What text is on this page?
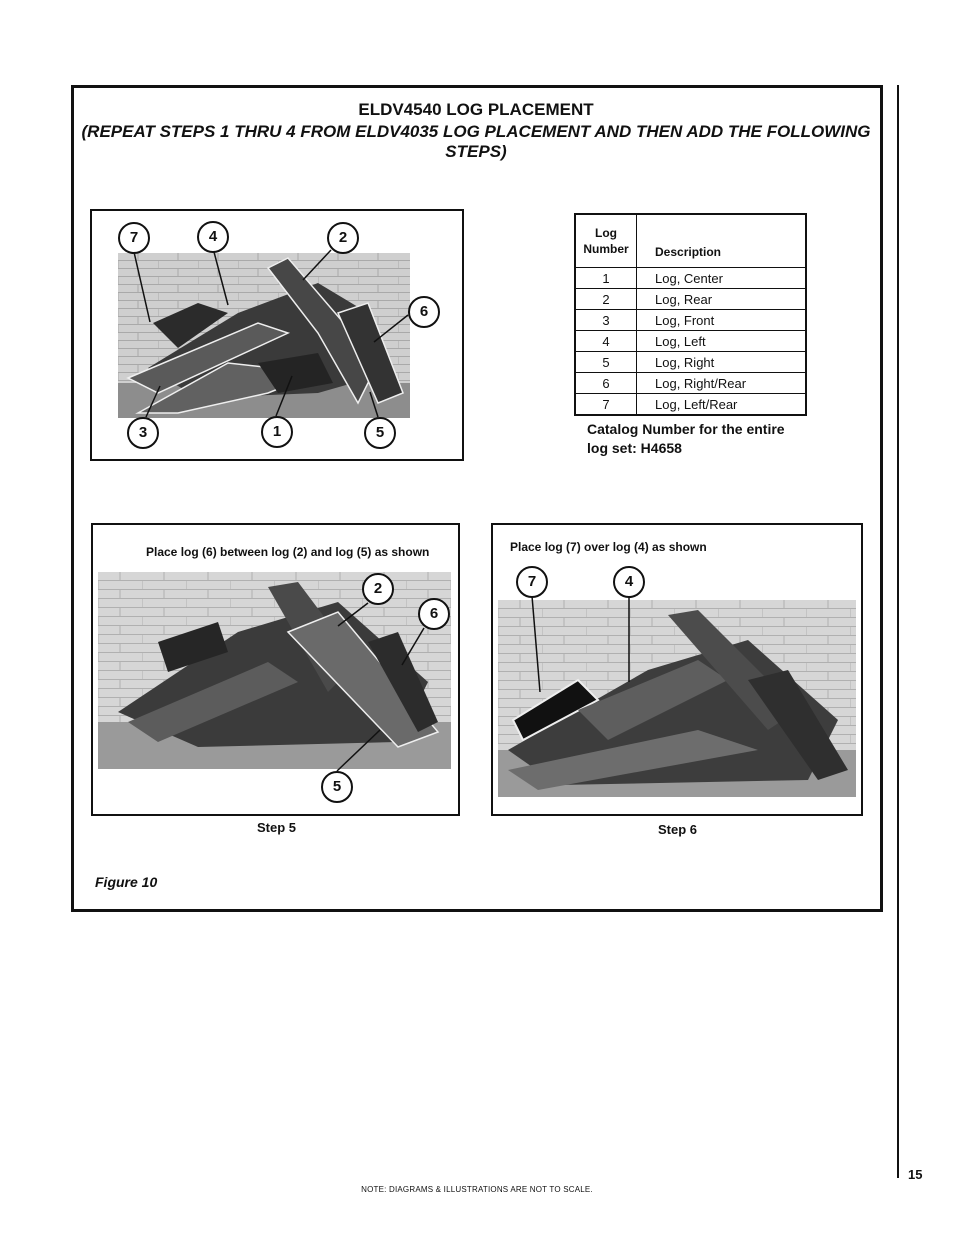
ELDV4540 LOG PLACEMENT
(REPEAT STEPS 1 THRU 4 FROM ELDV4035 LOG PLACEMENT AND THEN ADD THE FOLLOWING STEPS)
7	4	2
6
3	1	5
Log
Number	Description
1	Log, Center
2	Log, Rear
3	Log, Front
4	Log, Left
5	Log, Right
6	Log, Right/Rear
7	Log, Left/Rear
Catalog Number for the entire log set: H4658
Place log (6) between log (2) and log (5) as shown
2
6
5
Step 5
Place log (7) over log (4) as shown
7	4
Step 6
Figure 10
15
NOTE: DIAGRAMS & ILLUSTRATIONS ARE NOT TO SCALE.
